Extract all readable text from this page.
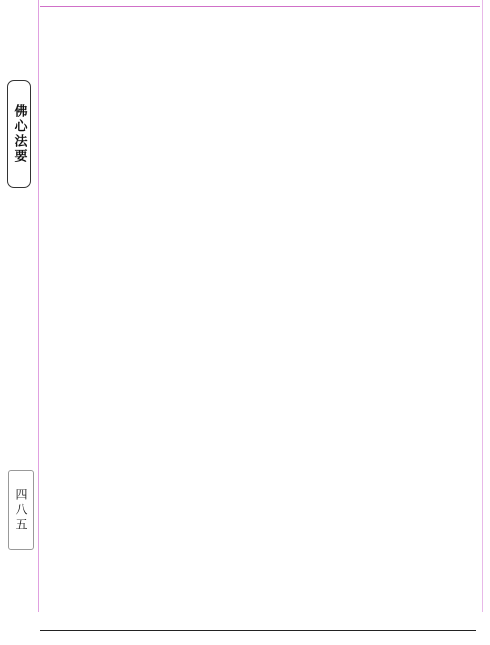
佛心法要
四八五
